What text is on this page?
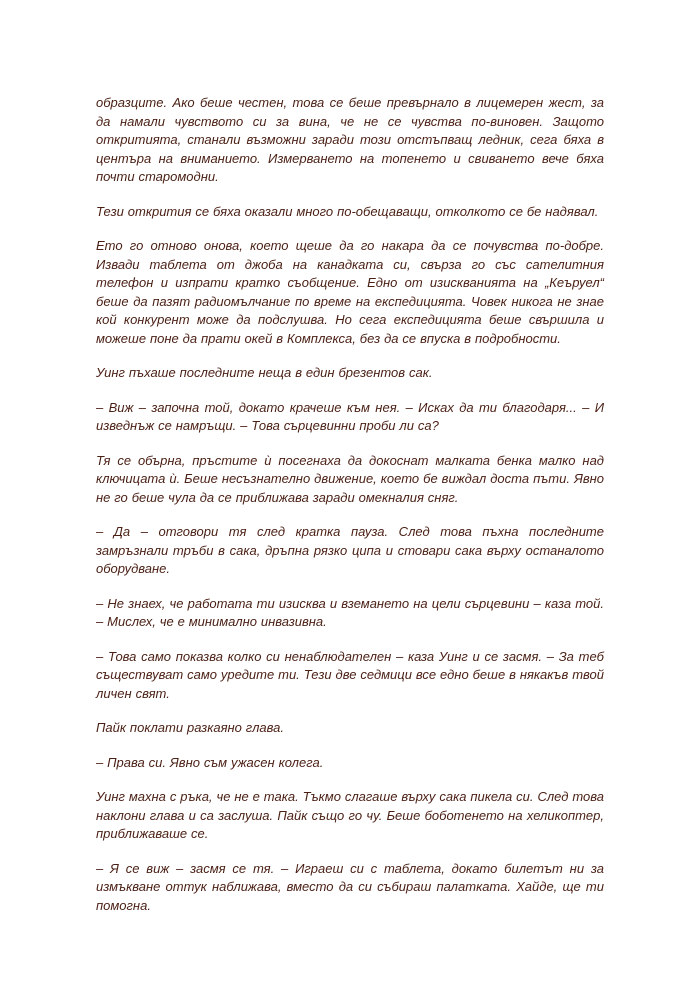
образците. Ако беше честен, това се беше превърнало в лицемерен жест, за да намали чувството си за вина, че не се чувства по-виновен. Защото откритията, станали възможни заради този отстъпващ ледник, сега бяха в центъра на вниманието. Измерването на топенето и свиването вече бяха почти старомодни.

Тези открития се бяха оказали много по-обещаващи, отколкото се бе надявал.

Ето го отново онова, което щеше да го накара да се почувства по-добре. Извади таблета от джоба на канадката си, свърза го със сателитния телефон и изпрати кратко съобщение. Едно от изискванията на „Кеъруел“ беше да пазят радиомълчание по време на експедицията. Човек никога не знае кой конкурент може да подслушва. Но сега експедицията беше свършила и можеше поне да прати окей в Комплекса, без да се впуска в подробности.

Уинг пъхаше последните неща в един брезентов сак.

– Виж – започна той, докато крачеше към нея. – Исках да ти благодаря... – И изведнъж се намръщи. – Това сърцевинни проби ли са?

Тя се обърна, пръстите ѝ посегнаха да докоснат малката бенка малко над ключицата ѝ. Беше несъзнателно движение, което бе виждал доста пъти. Явно не го беше чула да се приближава заради омекналия сняг.

– Да – отговори тя след кратка пауза. След това пъхна последните замръзнали тръби в сака, дръпна рязко ципа и стовари сака върху останалото оборудване.

– Не знаех, че работата ти изисква и вземането на цели сърцевини – каза той. – Мислех, че е минимално инвазивна.

– Това само показва колко си ненаблюдателен – каза Уинг и се засмя. – За теб съществуват само уредите ти. Тези две седмици все едно беше в някакъв твой личен свят.

Пайк поклати разкаяно глава.

– Права си. Явно съм ужасен колега.

Уинг махна с ръка, че не е така. Тъкмо слагаше върху сака пикела си. След това наклони глава и са заслуша. Пайк също го чу. Беше боботенето на хеликоптер, приближаваше се.

– Я се виж – засмя се тя. – Играеш си с таблета, докато билетът ни за измъкване оттук наближава, вместо да си събираш палатката. Хайде, ще ти помогна.
